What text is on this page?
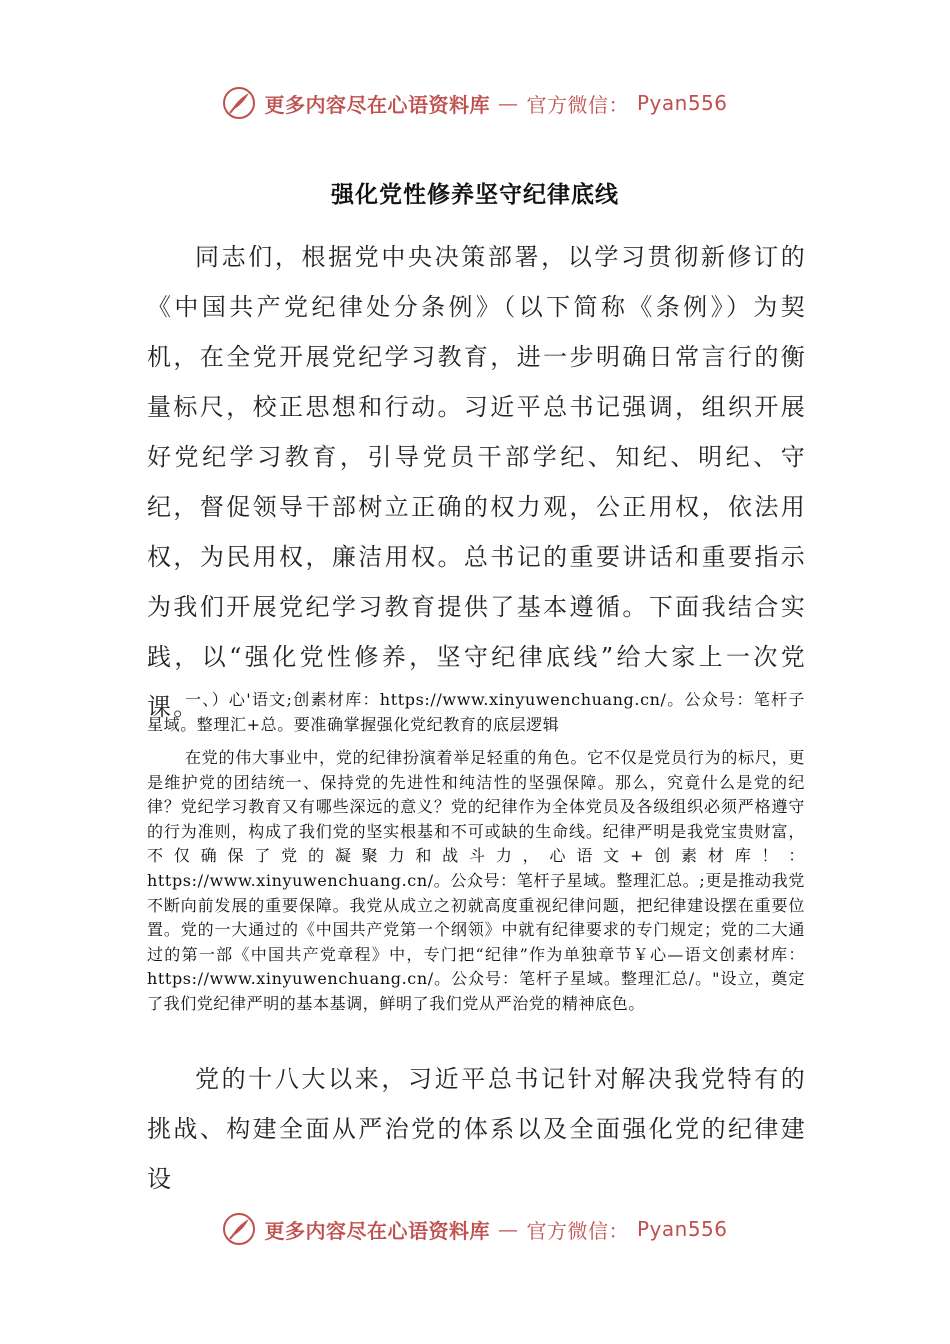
更多内容尽在心语资料库 — 官方微信： Pyan556
强化党性修养坚守纪律底线

同志们，根据党中央决策部署，以学习贯彻新修订的《中国共产党纪律处分条例》（以下简称《条例》）为契机，在全党开展党纪学习教育，进一步明确日常言行的衡量标尺，校正思想和行动。习近平总书记强调，组织开展好党纪学习教育，引导党员干部学纪、知纪、明纪、守纪，督促领导干部树立正确的权力观，公正用权，依法用权，为民用权，廉洁用权。总书记的重要讲话和重要指示为我们开展党纪学习教育提供了基本遵循。下面我结合实践，以“强化党性修养，坚守纪律底线”给大家上一次党课。

一、）心'语文;创素材库：https://www.xinyuwenchuang.cn/。公众号：笔杆子星域。整理汇+总。要准确掌握强化党纪教育的底层逻辑

在党的伟大事业中，党的纪律扮演着举足轻重的角色。它不仅是党员行为的标尺，更是维护党的团结统一、保持党的先进性和纯洁性的坚强保障。那么，究竟什么是党的纪律？党纪学习教育又有哪些深远的意义？党的纪律作为全体党员及各级组织必须严格遵守的行为准则，构成了我们党的坚实根基和不可或缺的生命线。纪律严明是我党宝贵财富，不仅确保了党的凝聚力和战斗力，心语文+创素材库！：https://www.xinyuwenchuang.cn/。公众号：笔杆子星域。整理汇总。;更是推动我党不断向前发展的重要保障。我党从成立之初就高度重视纪律问题，把纪律建设摆在重要位置。党的一大通过的《中国共产党第一个纲领》中就有纪律要求的专门规定；党的二大通过的第一部《中国共产党章程》中，专门把“纪律”作为单独章节￥心—语文创素材库：https://www.xinyuwenchuang.cn/。公众号：笔杆子星域。整理汇总/。"设立，奠定了我们党纪律严明的基本基调，鲜明了我们党从严治党的精神底色。

党的十八大以来，习近平总书记针对解决我党特有的挑战、构建全面从严治党的体系以及全面强化党的纪律建设

更多内容尽在心语资料库 — 官方微信： Pyan556
